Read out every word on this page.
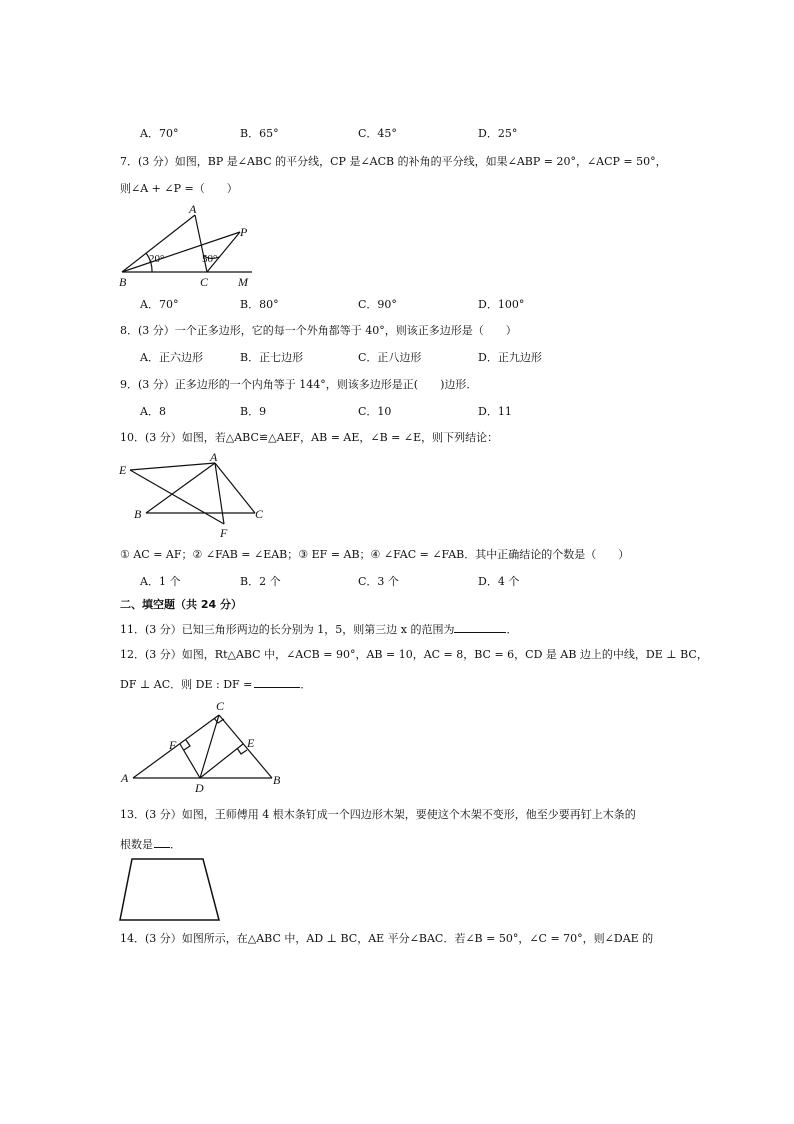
A．70°	B．65°	C．45°	D．25°
7．(3 分）如图，BP 是∠ABC 的平分线，CP 是∠ACB 的补角的平分线，如果∠ABP = 20°，∠ACP = 50°，
则∠A + ∠P =（　　）
A
P
B	C M
20°	50°
A．70°	B．80°	C．90°	D．100°
8．(3 分）一个正多边形，它的每一个外角都等于 40°，则该正多边形是（　　）
A．正六边形	B．正七边形	C．正八边形	D．正九边形
9．(3 分）正多边形的一个内角等于 144°，则该多边形是正(　　)边形．
A．8	B．9	C．10	D．11
10．(3 分）如图，若△ABC≌△AEF，AB = AE，∠B = ∠E，则下列结论：
A
E
B	C
F
① AC = AF；② ∠FAB = ∠EAB；③ EF = AB；④ ∠FAC = ∠FAB．其中正确结论的个数是（　　）
A．1 个	B．2 个	C．3 个	D．4 个
二、填空题（共 24 分）
11．(3 分）已知三角形两边的长分别为 1，5，则第三边 x 的范围为	．
12．(3 分）如图，Rt△ABC 中，∠ACB = 90°，AB = 10，AC = 8，BC = 6，CD 是 AB 边上的中线，DE ⊥ BC，
DF ⊥ AC．则 DE : DF =	．
C
F	E
A
D
B
13．(3 分）如图，王师傅用 4 根木条钉成一个四边形木架，要使这个木架不变形，他至少要再钉上木条的
根数是 ．
14．(3 分）如图所示，在△ABC 中，AD ⊥ BC，AE 平分∠BAC．若∠B = 50°，∠C = 70°，则∠DAE 的
